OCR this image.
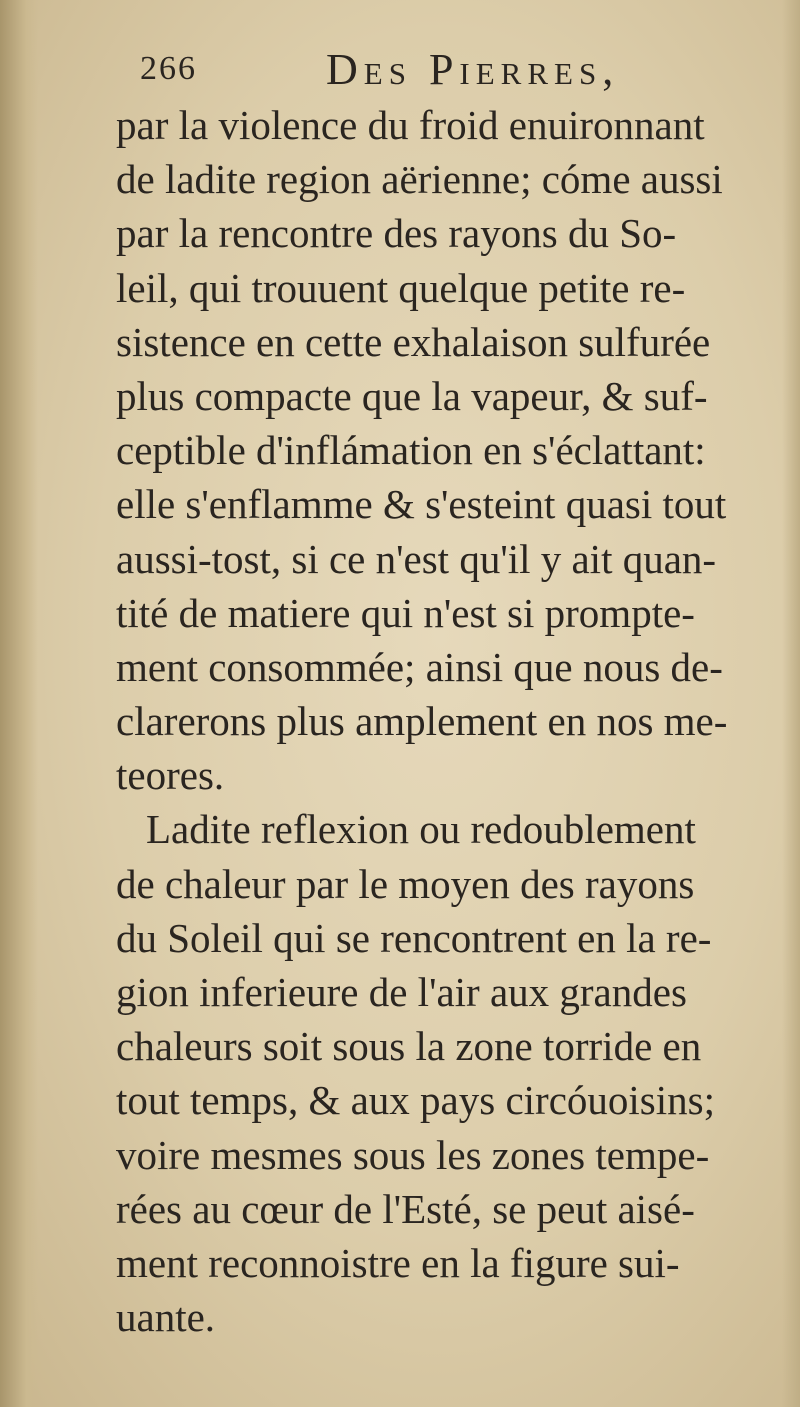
266	Des Pierres,
par la violence du froid enuironnant
de ladite region aërienne; cóme aussi
par la rencontre des rayons du So-
leil, qui trouuent quelque petite re-
sistence en cette exhalaison sulfurée
plus compacte que la vapeur, & suf-
ceptible d'inflámation en s'éclattant:
elle s'enflamme & s'esteint quasi tout
aussi-tost, si ce n'est qu'il y ait quan-
tité de matiere qui n'est si prompte-
ment consommée; ainsi que nous de-
clarerons plus amplement en nos me-
teores.
Ladite reflexion ou redoublement
de chaleur par le moyen des rayons
du Soleil qui se rencontrent en la re-
gion inferieure de l'air aux grandes
chaleurs soit sous la zone torride en
tout temps, & aux pays circóuoisins;
voire mesmes sous les zones tempe-
rées au cœur de l'Esté, se peut aisé-
ment reconnoistre en la figure sui-
uante.
